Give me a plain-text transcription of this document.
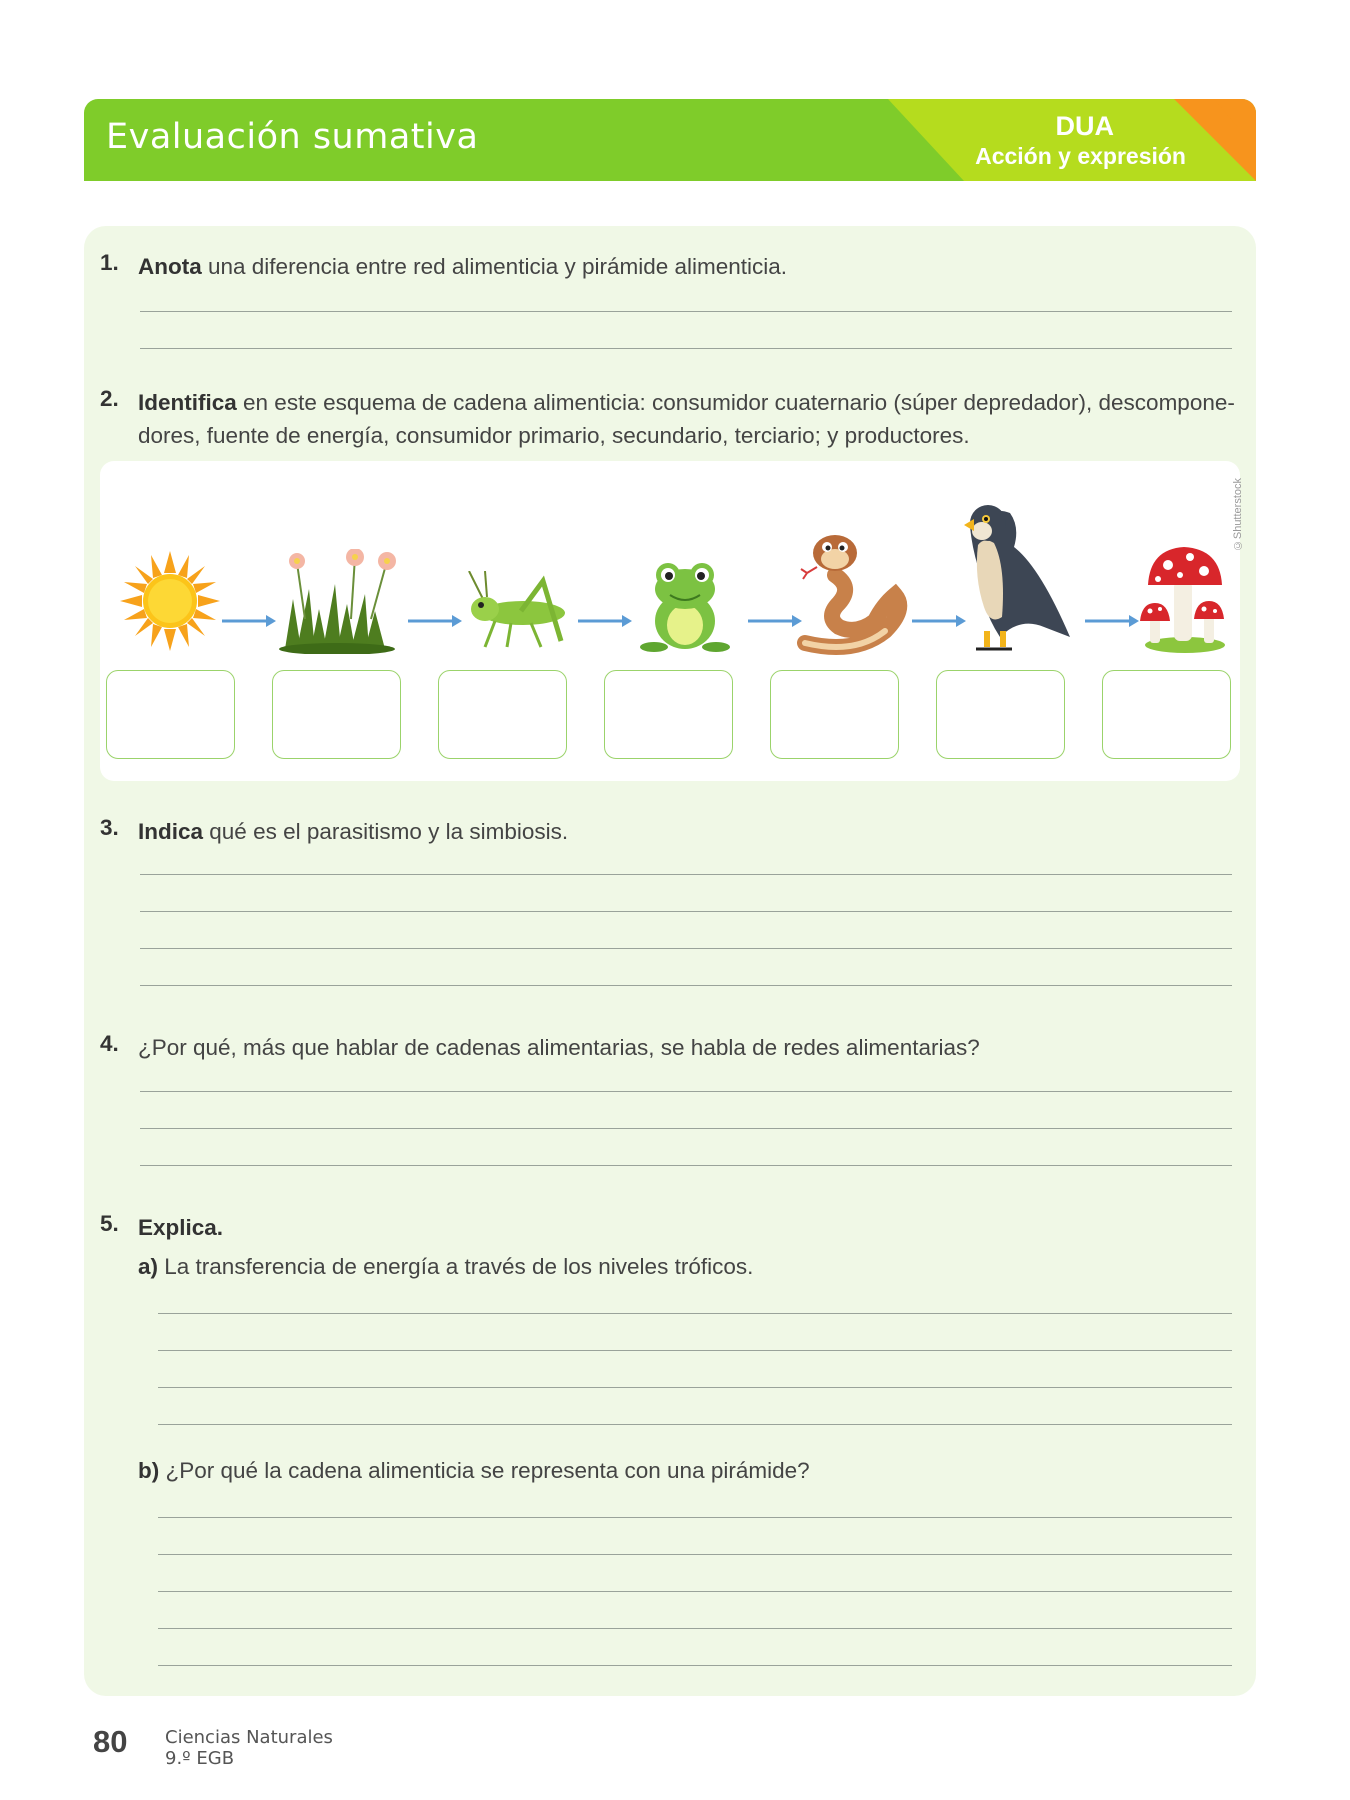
Evaluación sumativa	DUA
Acción y expresión
1. Anota una diferencia entre red alimenticia y pirámide alimenticia.
2. Identifica en este esquema de cadena alimenticia: consumidor cuaternario (súper depredador), descompone-dores, fuente de energía, consumidor primario, secundario, terciario; y productores.
©Shutterstock
3. Indica qué es el parasitismo y la simbiosis.
4. ¿Por qué, más que hablar de cadenas alimentarias, se habla de redes alimentarias?
5. Explica.
a) La transferencia de energía a través de los niveles tróficos.
b) ¿Por qué la cadena alimenticia se representa con una pirámide?
80 Ciencias Naturales
9.º EGB
